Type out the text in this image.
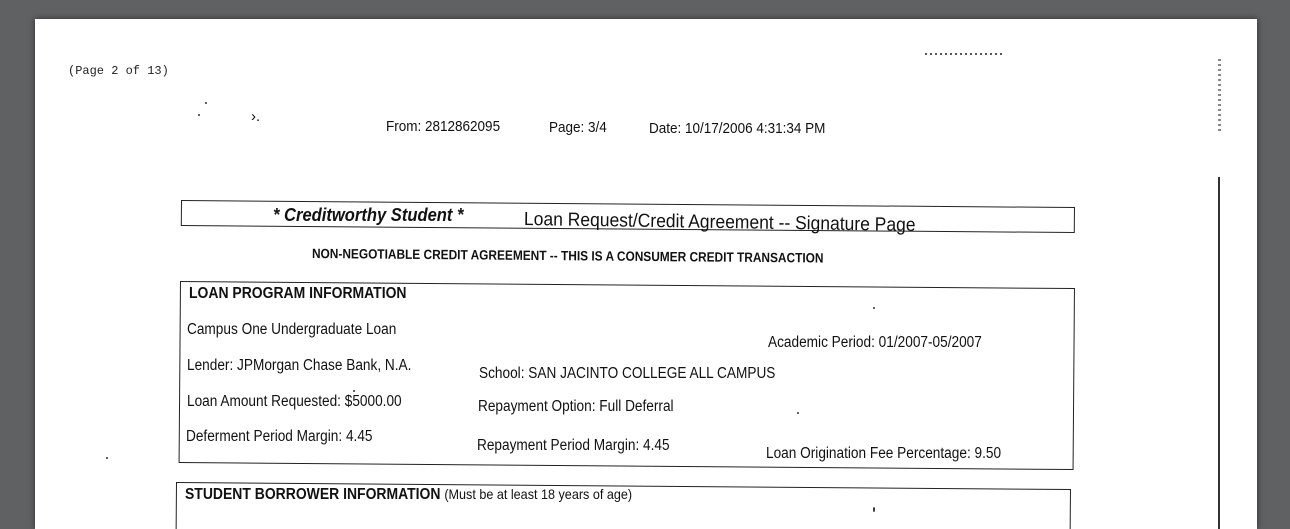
(Page 2 of 13)
›.
From: 2812862095	Page: 3/4	Date: 10/17/2006 4:31:34 PM
* Creditworthy Student *	Loan Request/Credit Agreement -- Signature Page
NON-NEGOTIABLE CREDIT AGREEMENT -- THIS IS A CONSUMER CREDIT TRANSACTION
LOAN PROGRAM INFORMATION
Campus One Undergraduate Loan
Academic Period: 01/2007-05/2007
Lender: JPMorgan Chase Bank, N.A.	School: SAN JACINTO COLLEGE ALL CAMPUS
Loan Amount Requested: $5000.00	Repayment Option: Full Deferral
Deferment Period Margin: 4.45
Repayment Period Margin: 4.45	Loan Origination Fee Percentage: 9.50
STUDENT BORROWER INFORMATION (Must be at least 18 years of age)
